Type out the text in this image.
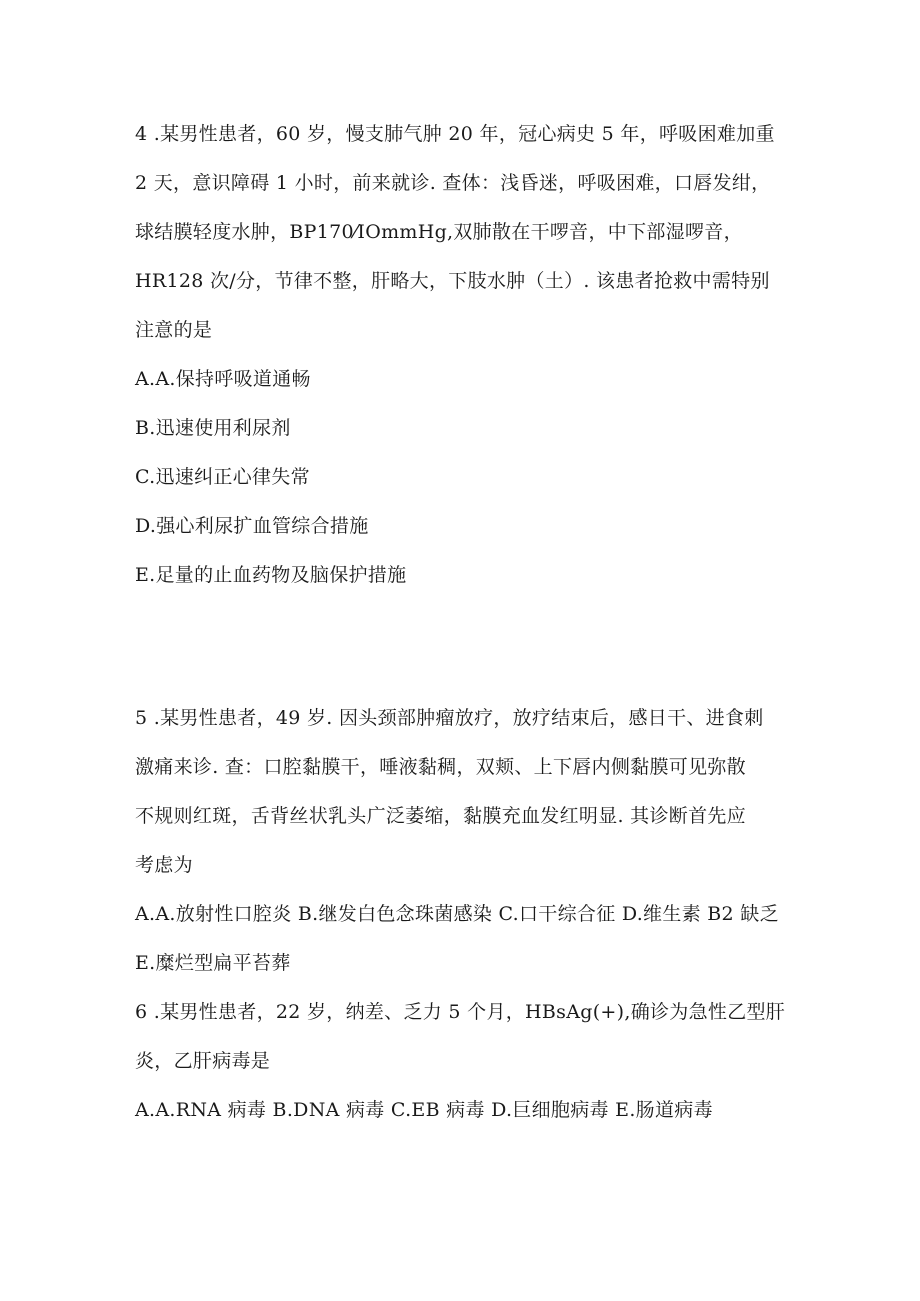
4 .某男性患者，60 岁，慢支肺气肿 20 年，冠心病史 5 年，呼吸困难加重
2 天，意识障碍 1 小时，前来就诊. 查体：浅昏迷，呼吸困难，口唇发绀，
球结膜轻度水肿，BP170⁄IOmmHg,双肺散在干啰音，中下部湿啰音，
HR128 次/分，节律不整，肝略大，下肢水肿（土）. 该患者抢救中需特别
注意的是
A.A.保持呼吸道通畅
B.迅速使用利尿剂
C.迅速纠正心律失常
D.强心利尿扩血管综合措施
E.足量的止血药物及脑保护措施
5 .某男性患者，49 岁. 因头颈部肿瘤放疗，放疗结束后，感日干、进食刺
激痛来诊. 查：口腔黏膜干，唾液黏稠，双颊、上下唇内侧黏膜可见弥散
不规则红斑，舌背丝状乳头广泛萎缩，黏膜充血发红明显. 其诊断首先应
考虑为
A.A.放射性口腔炎 B.继发白色念珠菌感染 C.口干综合征 D.维生素 B2 缺乏
E.糜烂型扁平苔葬
6 .某男性患者，22 岁，纳差、乏力 5 个月，HBsAg(+),确诊为急性乙型肝
炎，乙肝病毒是
A.A.RNA 病毒 B.DNA 病毒 C.EB 病毒 D.巨细胞病毒 E.肠道病毒
